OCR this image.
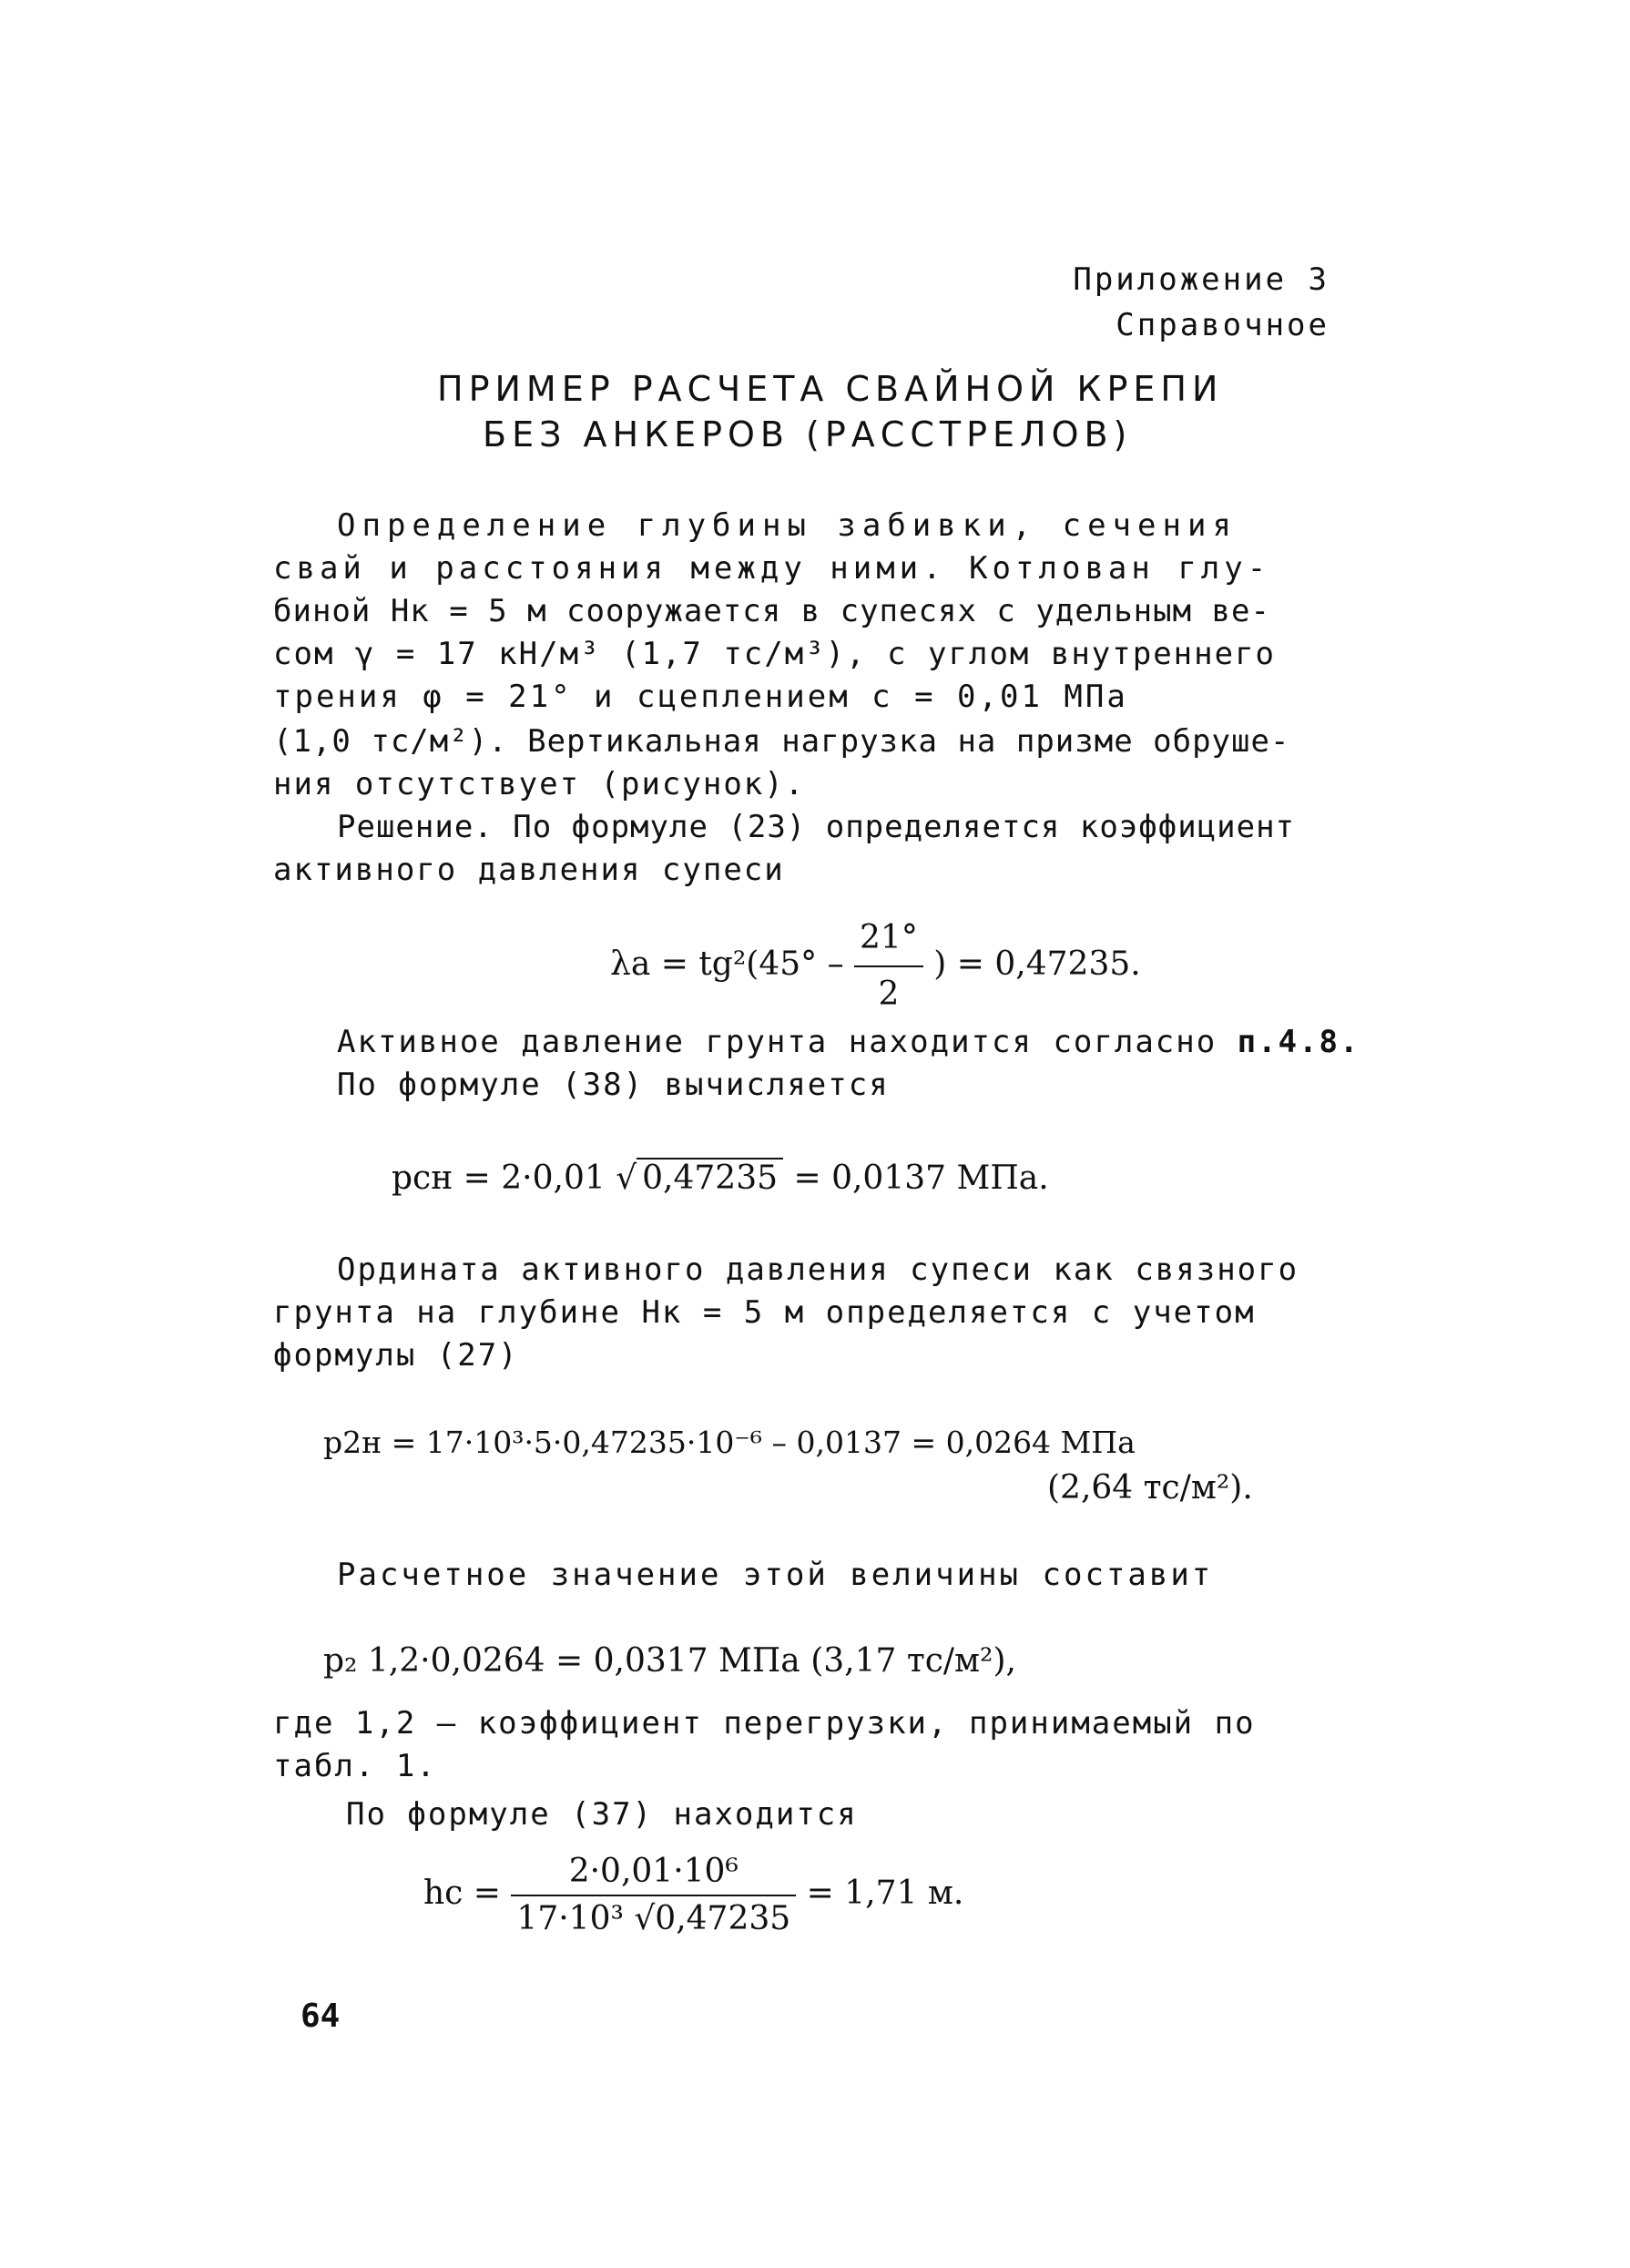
Приложение 3
Справочное
ПРИМЕР РАСЧЕТА СВАЙНОЙ КРЕПИ
БЕЗ АНКЕРОВ (РАССТРЕЛОВ)
Определение глубины забивки, сечения
свай и расстояния между ними. Котлован глу-
биной Hк = 5 м сооружается в супесях с удельным ве-
сом γ = 17 кН/м³ (1,7 тс/м³), с углом внутреннего
трения φ = 21° и сцеплением c = 0,01 МПа
(1,0 тс/м²). Вертикальная нагрузка на призме обруше-
ния отсутствует (рисунок).
Решение. По формуле (23) определяется коэффициент
активного давления супеси
$\lambda a = tg^2(45^\circ - \frac{21^\circ}{2}$ ) = 0,47235.
Активное давление грунта находится согласно п.4.8.
По формуле (38) вычисляется
pcн = 2·0,01 √ 0,47235 = 0,0137 МПа.
Ордината активного давления супеси как связного
грунта на глубине Hк = 5 м определяется с учетом
формулы (27)
p2н = 17·10³·5·0,47235·10⁻⁶ – 0,0137 = 0,0264 МПа
(2,64 тс/м²).
Расчетное значение этой величины составит
p₂ 1,2·0,0264 = 0,0317 МПа (3,17 тс/м²),
где 1,2 – коэффициент перегрузки, принимаемый по
табл. 1.
По формуле (37) находится
hc = $\frac{\text{2·0,01·10⁶}}{\text{17·10³ √0,47235}} = 1,71$ м.
64
